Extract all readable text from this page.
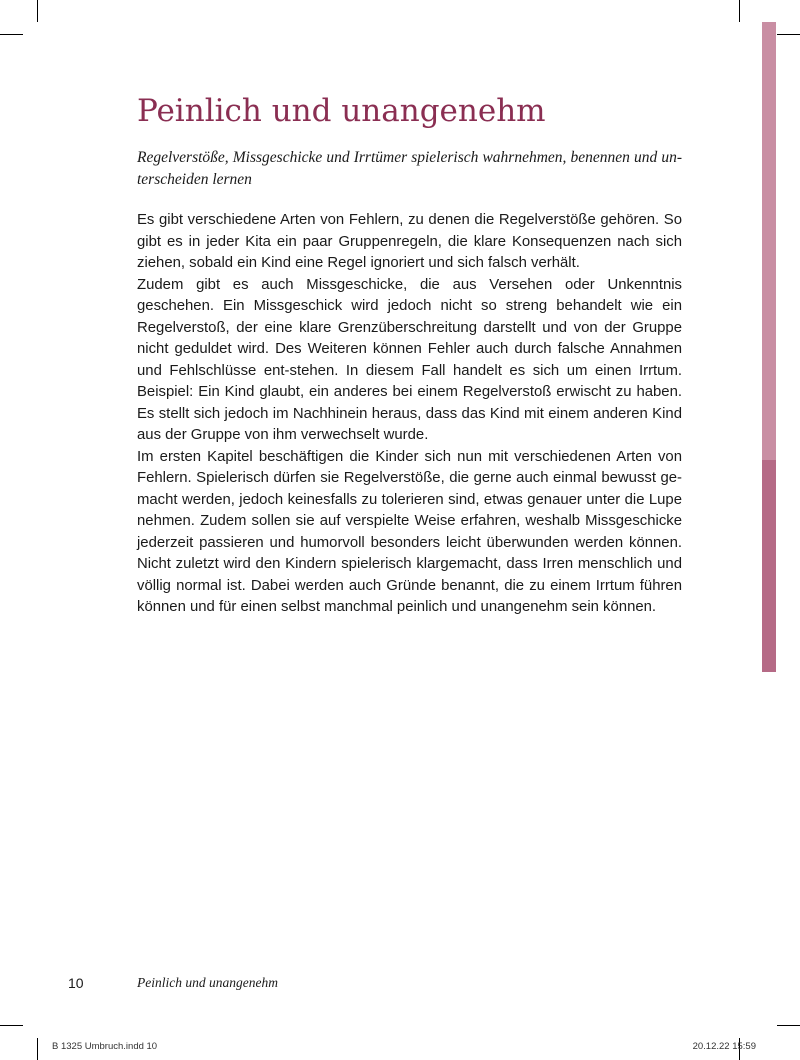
Peinlich und unangenehm

Regelverstöße, Missgeschicke und Irrtümer spielerisch wahrnehmen, benennen und un-terscheiden lernen

Es gibt verschiedene Arten von Fehlern, zu denen die Regelverstöße gehören. So gibt es in jeder Kita ein paar Gruppenregeln, die klare Konsequenzen nach sich ziehen, sobald ein Kind eine Regel ignoriert und sich falsch verhält.

Zudem gibt es auch Missgeschicke, die aus Versehen oder Unkenntnis geschehen. Ein Missgeschick wird jedoch nicht so streng behandelt wie ein Regelverstoß, der eine klare Grenzüberschreitung darstellt und von der Gruppe nicht geduldet wird. Des Weiteren können Fehler auch durch falsche Annahmen und Fehlschlüsse ent-stehen. In diesem Fall handelt es sich um einen Irrtum. Beispiel: Ein Kind glaubt, ein anderes bei einem Regelverstoß erwischt zu haben. Es stellt sich jedoch im Nachhinein heraus, dass das Kind mit einem anderen Kind aus der Gruppe von ihm verwechselt wurde.

Im ersten Kapitel beschäftigen die Kinder sich nun mit verschiedenen Arten von Fehlern. Spielerisch dürfen sie Regelverstöße, die gerne auch einmal bewusst ge-macht werden, jedoch keinesfalls zu tolerieren sind, etwas genauer unter die Lupe nehmen. Zudem sollen sie auf verspielte Weise erfahren, weshalb Missgeschicke jederzeit passieren und humorvoll besonders leicht überwunden werden können. Nicht zuletzt wird den Kindern spielerisch klargemacht, dass Irren menschlich und völlig normal ist. Dabei werden auch Gründe benannt, die zu einem Irrtum führen können und für einen selbst manchmal peinlich und unangenehm sein können.

10	Peinlich und unangenehm
B 1325 Umbruch.indd 10	20.12.22 15:59
